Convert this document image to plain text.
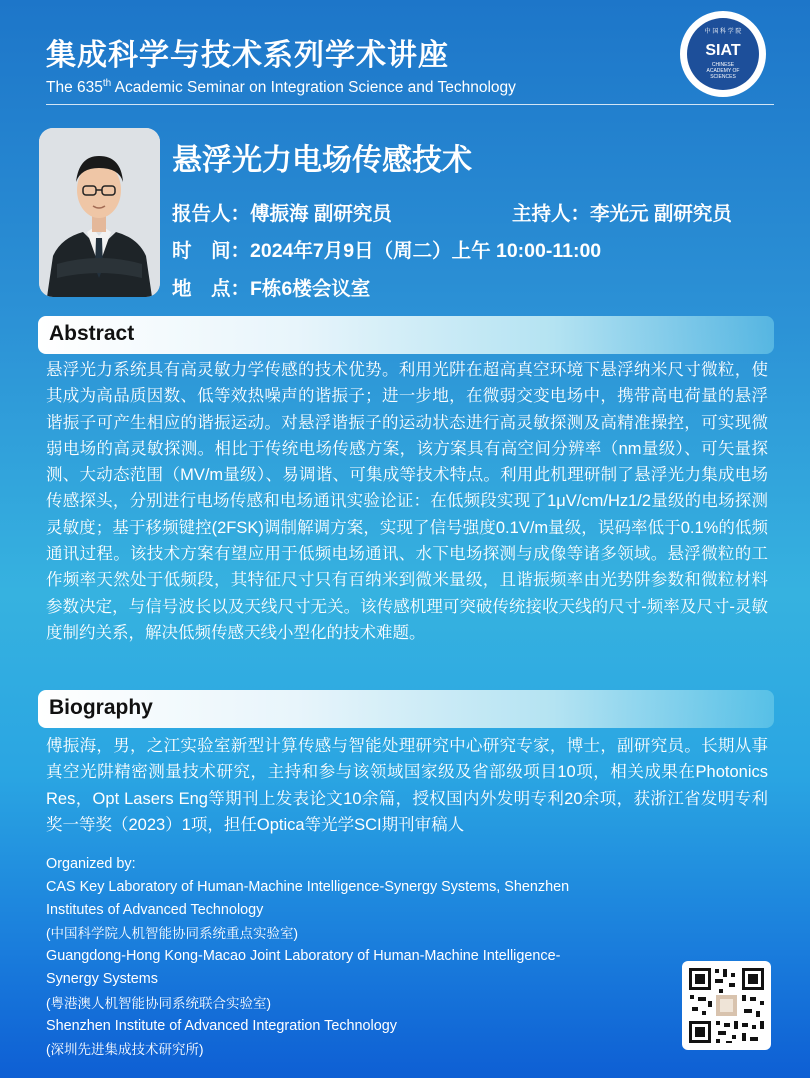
集成科学与技术系列学术讲座
The 635th Academic Seminar on Integration Science and Technology
中 国 科 学 院
SIAT
CHINESE
ACADEMY OF
SCIENCES
悬浮光力电场传感技术
报告人：傅振海 副研究员	主持人：李光元 副研究员
时　间：2024年7月9日（周二）上午 10:00-11:00
地　点：F栋6楼会议室
Abstract
悬浮光力系统具有高灵敏力学传感的技术优势。利用光阱在超高真空环境下悬浮纳米尺寸微粒，使其成为高品质因数、低等效热噪声的谐振子；进一步地，在微弱交变电场中，携带高电荷量的悬浮谐振子可产生相应的谐振运动。对悬浮谐振子的运动状态进行高灵敏探测及高精准操控，可实现微弱电场的高灵敏探测。相比于传统电场传感方案，该方案具有高空间分辨率（nm量级）、可矢量探测、大动态范围（MV/m量级）、易调谐、可集成等技术特点。利用此机理研制了悬浮光力集成电场传感探头，分别进行电场传感和电场通讯实验论证：在低频段实现了1μV/cm/Hz1/2量级的电场探测灵敏度；基于移频键控(2FSK)调制解调方案，实现了信号强度0.1V/m量级，误码率低于0.1%的低频通讯过程。该技术方案有望应用于低频电场通讯、水下电场探测与成像等诸多领域。悬浮微粒的工作频率天然处于低频段，其特征尺寸只有百纳米到微米量级，且谐振频率由光势阱参数和微粒材料参数决定，与信号波长以及天线尺寸无关。该传感机理可突破传统接收天线的尺寸-频率及尺寸-灵敏度制约关系，解决低频传感天线小型化的技术难题。
Biography
傅振海，男，之江实验室新型计算传感与智能处理研究中心研究专家，博士，副研究员。长期从事真空光阱精密测量技术研究，主持和参与该领域国家级及省部级项目10项，相关成果在Photonics Res，Opt Lasers Eng等期刊上发表论文10余篇，授权国内外发明专利20余项，获浙江省发明专利奖一等奖（2023）1项，担任Optica等光学SCI期刊审稿人
Organized by:
CAS Key Laboratory of Human-Machine Intelligence-Synergy Systems, Shenzhen
Institutes of Advanced Technology
(中国科学院人机智能协同系统重点实验室)
Guangdong-Hong Kong-Macao Joint Laboratory of Human-Machine Intelligence-
Synergy Systems
(粤港澳人机智能协同系统联合实验室)
Shenzhen Institute of Advanced Integration Technology
(深圳先进集成技术研究所)
